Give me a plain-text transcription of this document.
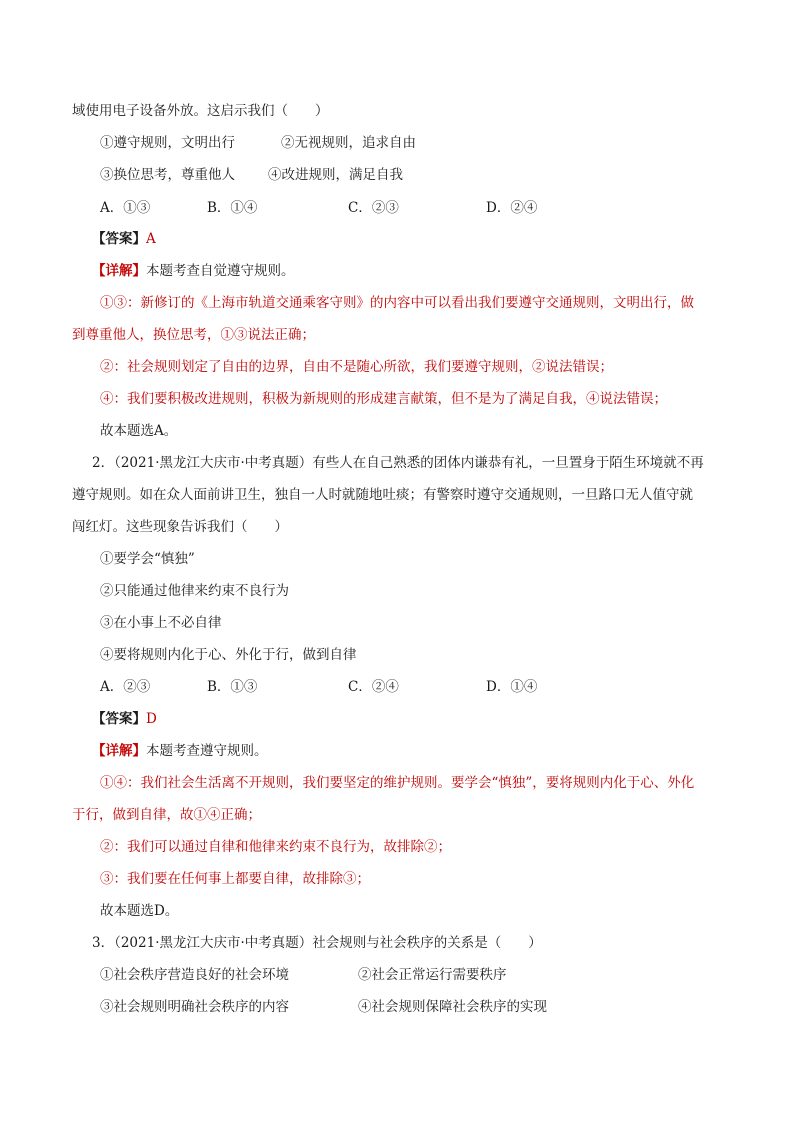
域使用电子设备外放。这启示我们（　　）
①遵守规则，文明出行	②无视规则，追求自由
③换位思考，尊重他人 ④改进规则，满足自我
A．①③	B．①④	C．②③	D．②④
【答案】A
【详解】本题考查自觉遵守规则。
①③：新修订的《上海市轨道交通乘客守则》的内容中可以看出我们要遵守交通规则，文明出行，做
到尊重他人，换位思考，①③说法正确；
②：社会规则划定了自由的边界，自由不是随心所欲，我们要遵守规则，②说法错误；
④：我们要积极改进规则，积极为新规则的形成建言献策，但不是为了满足自我，④说法错误；
故本题选A。
2．（2021·黑龙江大庆市·中考真题）有些人在自己熟悉的团体内谦恭有礼，一旦置身于陌生环境就不再
遵守规则。如在众人面前讲卫生，独自一人时就随地吐痰；有警察时遵守交通规则，一旦路口无人值守就
闯红灯。这些现象告诉我们（　　）
①要学会“慎独”
②只能通过他律来约束不良行为
③在小事上不必自律
④要将规则内化于心、外化于行，做到自律
A．②③	B．①③	C．②④	D．①④
【答案】D
【详解】本题考查遵守规则。
①④：我们社会生活离不开规则，我们要坚定的维护规则。要学会“慎独”，要将规则内化于心、外化
于行，做到自律，故①④正确；
②：我们可以通过自律和他律来约束不良行为，故排除②；
③：我们要在任何事上都要自律，故排除③；
故本题选D。
3．（2021·黑龙江大庆市·中考真题）社会规则与社会秩序的关系是（　　）
①社会秩序营造良好的社会环境	②社会正常运行需要秩序
③社会规则明确社会秩序的内容	④社会规则保障社会秩序的实现
